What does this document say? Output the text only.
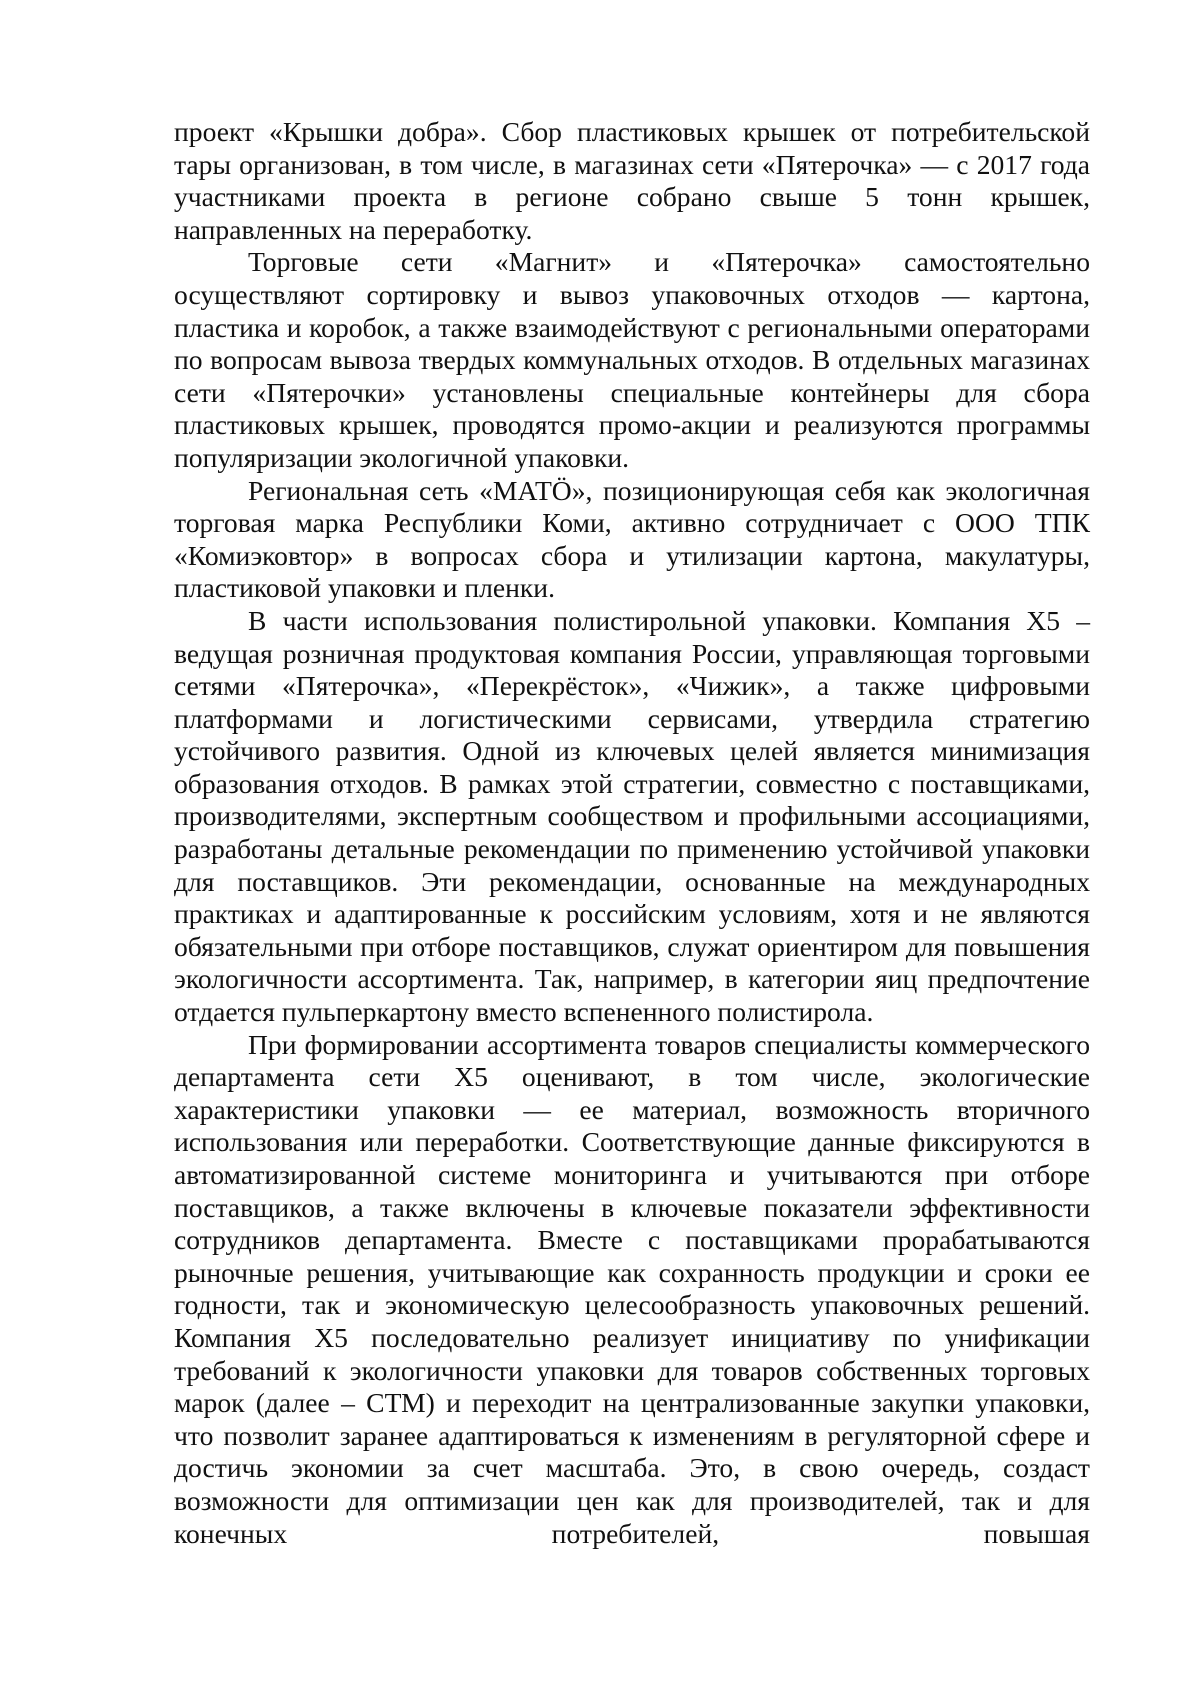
проект «Крышки добра». Сбор пластиковых крышек от потребительской тары организован, в том числе, в магазинах сети «Пятерочка» — с 2017 года участниками проекта в регионе собрано свыше 5 тонн крышек, направленных на переработку.

Торговые сети «Магнит» и «Пятерочка» самостоятельно осуществляют сортировку и вывоз упаковочных отходов — картона, пластика и коробок, а также взаимодействуют с региональными операторами по вопросам вывоза твердых коммунальных отходов. В отдельных магазинах сети «Пятерочки» установлены специальные контейнеры для сбора пластиковых крышек, проводятся промо-акции и реализуются программы популяризации экологичной упаковки.

Региональная сеть «МАТÖ», позиционирующая себя как экологичная торговая марка Республики Коми, активно сотрудничает с ООО ТПК «Комиэковтор» в вопросах сбора и утилизации картона, макулатуры, пластиковой упаковки и пленки.

В части использования полистирольной упаковки. Компания X5 – ведущая розничная продуктовая компания России, управляющая торговыми сетями «Пятерочка», «Перекрёсток», «Чижик», а также цифровыми платформами и логистическими сервисами, утвердила стратегию устойчивого развития. Одной из ключевых целей является минимизация образования отходов. В рамках этой стратегии, совместно с поставщиками, производителями, экспертным сообществом и профильными ассоциациями, разработаны детальные рекомендации по применению устойчивой упаковки для поставщиков. Эти рекомендации, основанные на международных практиках и адаптированные к российским условиям, хотя и не являются обязательными при отборе поставщиков, служат ориентиром для повышения экологичности ассортимента. Так, например, в категории яиц предпочтение отдается пульперкартону вместо вспененного полистирола.

При формировании ассортимента товаров специалисты коммерческого департамента сети X5 оценивают, в том числе, экологические характеристики упаковки — ее материал, возможность вторичного использования или переработки. Соответствующие данные фиксируются в автоматизированной системе мониторинга и учитываются при отборе поставщиков, а также включены в ключевые показатели эффективности сотрудников департамента. Вместе с поставщиками прорабатываются рыночные решения, учитывающие как сохранность продукции и сроки ее годности, так и экономическую целесообразность упаковочных решений. Компания X5 последовательно реализует инициативу по унификации требований к экологичности упаковки для товаров собственных торговых марок (далее – СТМ) и переходит на централизованные закупки упаковки, что позволит заранее адаптироваться к изменениям в регуляторной сфере и достичь экономии за счет масштаба. Это, в свою очередь, создаст возможности для оптимизации цен как для производителей, так и для конечных потребителей, повышая
